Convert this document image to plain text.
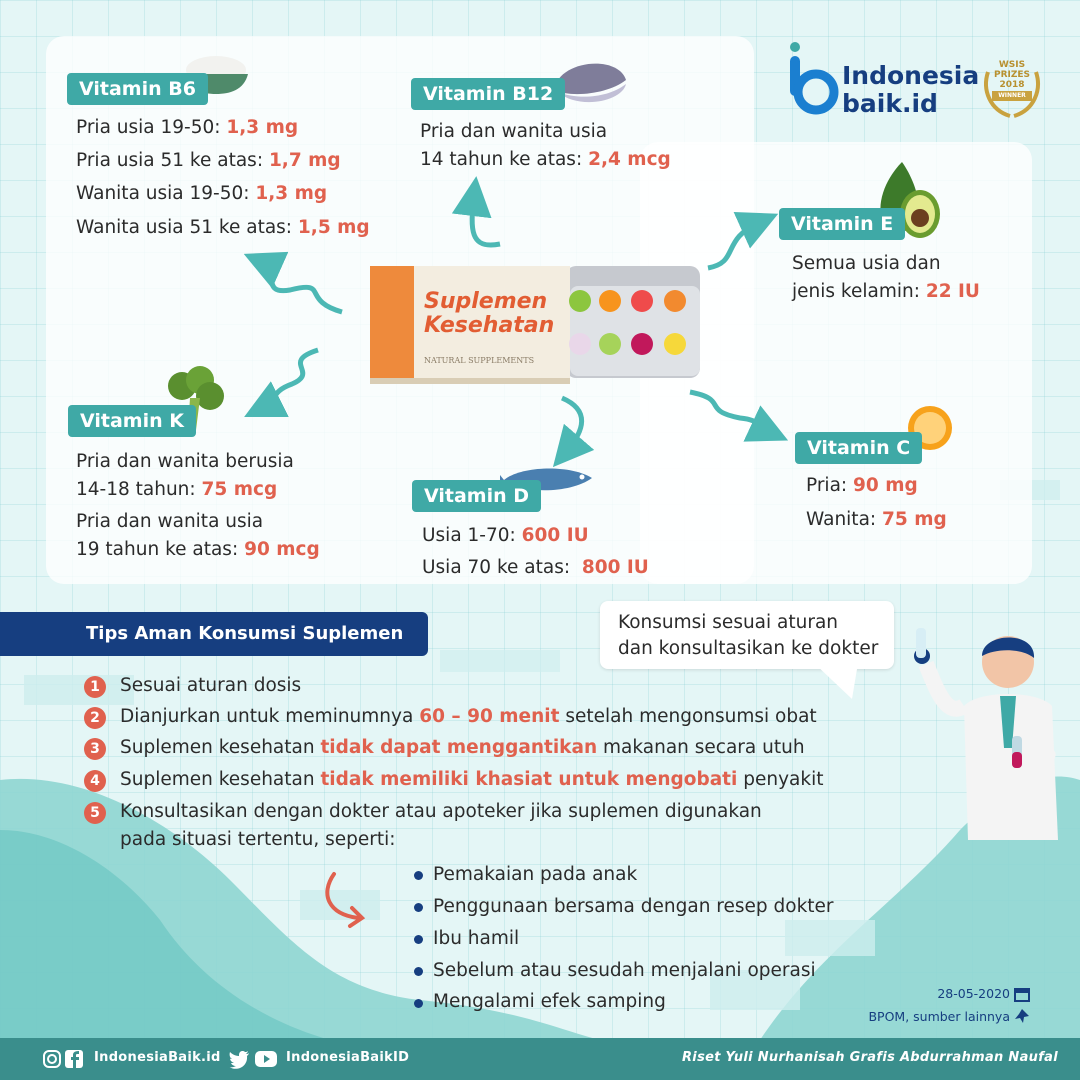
Indonesia
baik.id
WSIS
PRIZES
2018
WINNER
Suplemen
Kesehatan
NATURAL SUPPLEMENTS
Vitamin B6
Pria usia 19-50: 1,3 mg
Pria usia 51 ke atas: 1,7 mg
Wanita usia 19-50: 1,3 mg
Wanita usia 51 ke atas: 1,5 mg
Vitamin B12
Pria dan wanita usia
14 tahun ke atas: 2,4 mcg
Vitamin E
Semua usia dan
jenis kelamin: 22 IU
Vitamin K
Pria dan wanita berusia
14-18 tahun: 75 mcg
Pria dan wanita usia
19 tahun ke atas: 90 mcg
Vitamin D
Usia 1-70: 600 IU
Usia 70 ke atas:  800 IU
Vitamin C
Pria: 90 mg
Wanita: 75 mg
Konsumsi sesuai aturan
dan konsultasikan ke dokter
Tips Aman Konsumsi Suplemen
1	Sesuai aturan dosis
2	Dianjurkan untuk meminumnya 60 – 90 menit setelah mengonsumsi obat
3	Suplemen kesehatan tidak dapat menggantikan makanan secara utuh
4	Suplemen kesehatan tidak memiliki khasiat untuk mengobati penyakit
5	Konsultasikan dengan dokter atau apoteker jika suplemen digunakan
pada situasi tertentu, seperti:
Pemakaian pada anak
Penggunaan bersama dengan resep dokter
Ibu hamil
Sebelum atau sesudah menjalani operasi
Mengalami efek samping	28-05-2020
BPOM, sumber lainnya
IndonesiaBaik.id	IndonesiaBaikID	Riset Yuli Nurhanisah Grafis Abdurrahman Naufal
